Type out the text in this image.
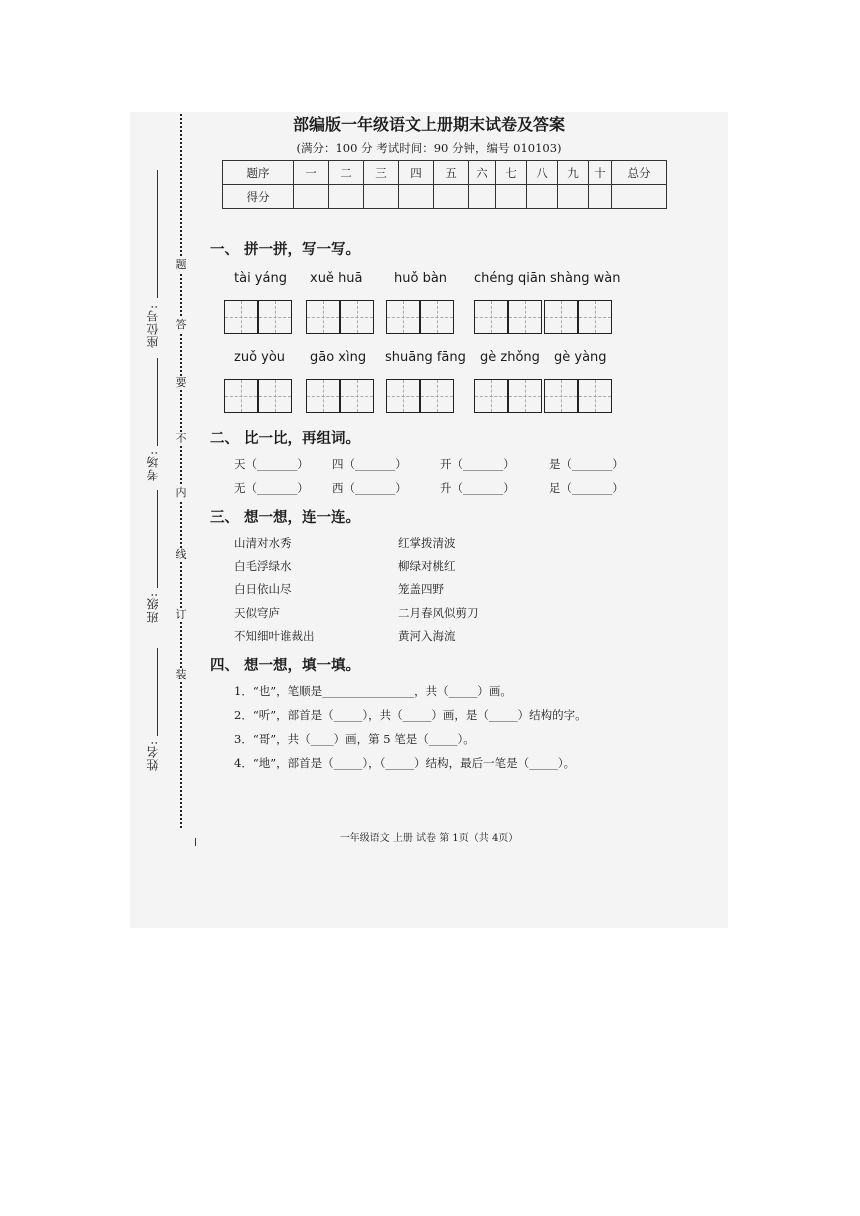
座位号:
考场:
班级:
姓名:
题
答
要
不
内
线
订
装
部编版一年级语文上册期末试卷及答案
(满分：100 分 考试时间：90 分钟，编号 010103)
题序	一	二	三	四	五	六	七	八	九	十	总分
得分											
一、 拼一拼，写一写。
tài yáng xuě huā huǒ bàn chéng qiān shàng wàn
zuǒ yòu gāo xìng shuāng fāng gè zhǒng gè yàng
二、 比一比，再组词。
天（_______） 四（_______）	开（_______）	是（_______）
无（_______） 西（_______）	升（_______）	足（_______）
三、 想一想，连一连。
山清对水秀
白毛浮绿水
白日依山尽
天似穹庐
不知细叶谁裁出
红掌拨清波
柳绿对桃红
笼盖四野
二月春风似剪刀
黄河入海流
四、 想一想，填一填。
1．“也”，笔顺是________________，共（_____）画。
2．“听”，部首是（_____），共（_____）画，是（_____）结构的字。
3．“哥”，共（____）画，第 5 笔是（_____）。
4．“地”，部首是（_____），（_____）结构，最后一笔是（_____）。
一年级语文 上册 试卷 第 1页（共 4页）
